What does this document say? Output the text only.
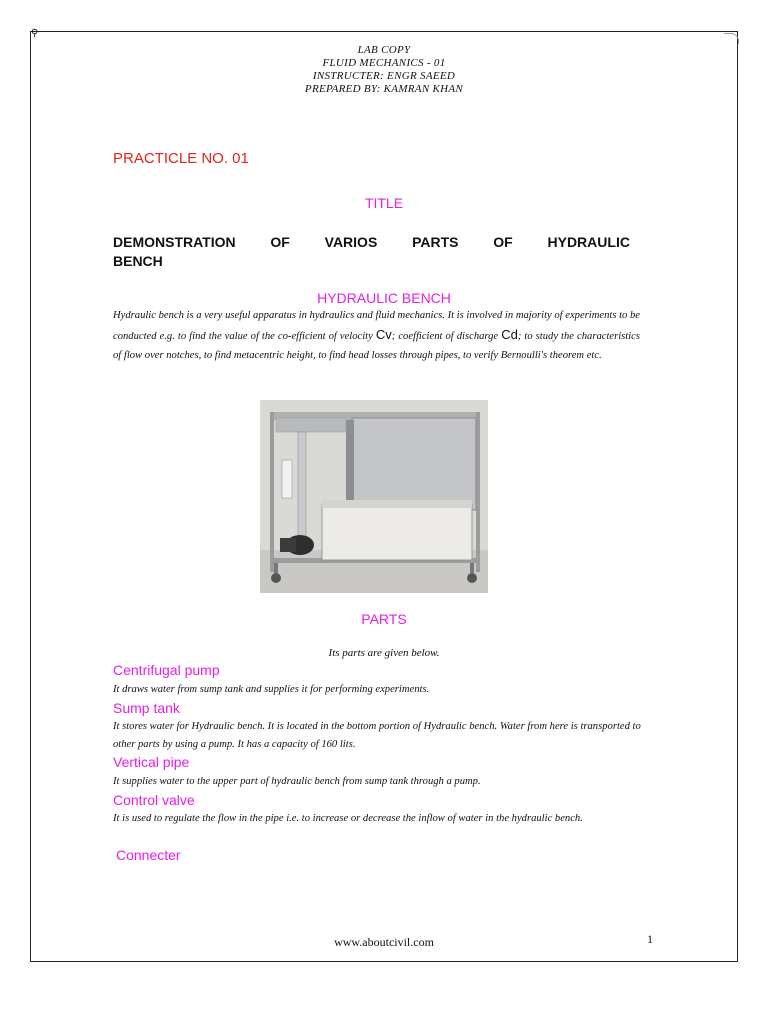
⚲
LAB COPY
FLUID MECHANICS - 01
INSTRUCTER: ENGR SAEED
PREPARED BY: KAMRAN KHAN
PRACTICLE NO. 01
TITLE
DEMONSTRATION OF VARIOS PARTS OF HYDRAULIC
BENCH
HYDRAULIC BENCH
Hydraulic bench is a very useful apparatus in hydraulics and fluid mechanics. It is involved in majority of experiments to be conducted e.g. to find the value of the co-efficient of velocity Cv; coefficient of discharge Cd; to study the characteristics of flow over notches, to find metacentric height, to find head losses through pipes, to verify Bernoulli's theorem etc.
PARTS
Its parts are given below.
Centrifugal pump
It draws water from sump tank and supplies it for performing experiments.
Sump tank
It stores water for Hydraulic bench. It is located in the bottom portion of Hydraulic bench. Water from here is transported to other parts by using a pump. It has a capacity of 160 lits.
Vertical pipe
It supplies water to the upper part of hydraulic bench from sump tank through a pump.
Control valve
It is used to regulate the flow in the pipe i.e. to increase or decrease the inflow of water in the hydraulic bench.
Connecter
www.aboutcivil.com	1
